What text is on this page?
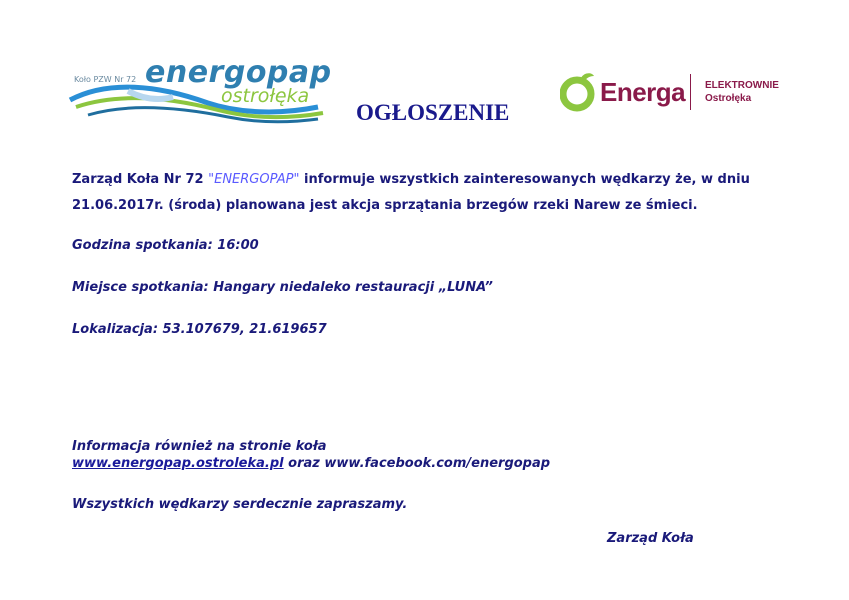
Koło PZW Nr 72 energopap
ostrołęka	Energa ELEKTROWNIE
Ostrołęka
OGŁOSZENIE
Zarząd Koła Nr 72 "ENERGOPAP" informuje wszystkich zainteresowanych wędkarzy że, w dniu
21.06.2017r. (środa) planowana jest akcja sprzątania brzegów rzeki Narew ze śmieci.
Godzina spotkania: 16:00
Miejsce spotkania: Hangary niedaleko restauracji „LUNA”
Lokalizacja: 53.107679, 21.619657
Informacja również na stronie koła
www.energopap.ostroleka.pl oraz www.facebook.com/energopap
Wszystkich wędkarzy serdecznie zapraszamy.
Zarząd Koła
